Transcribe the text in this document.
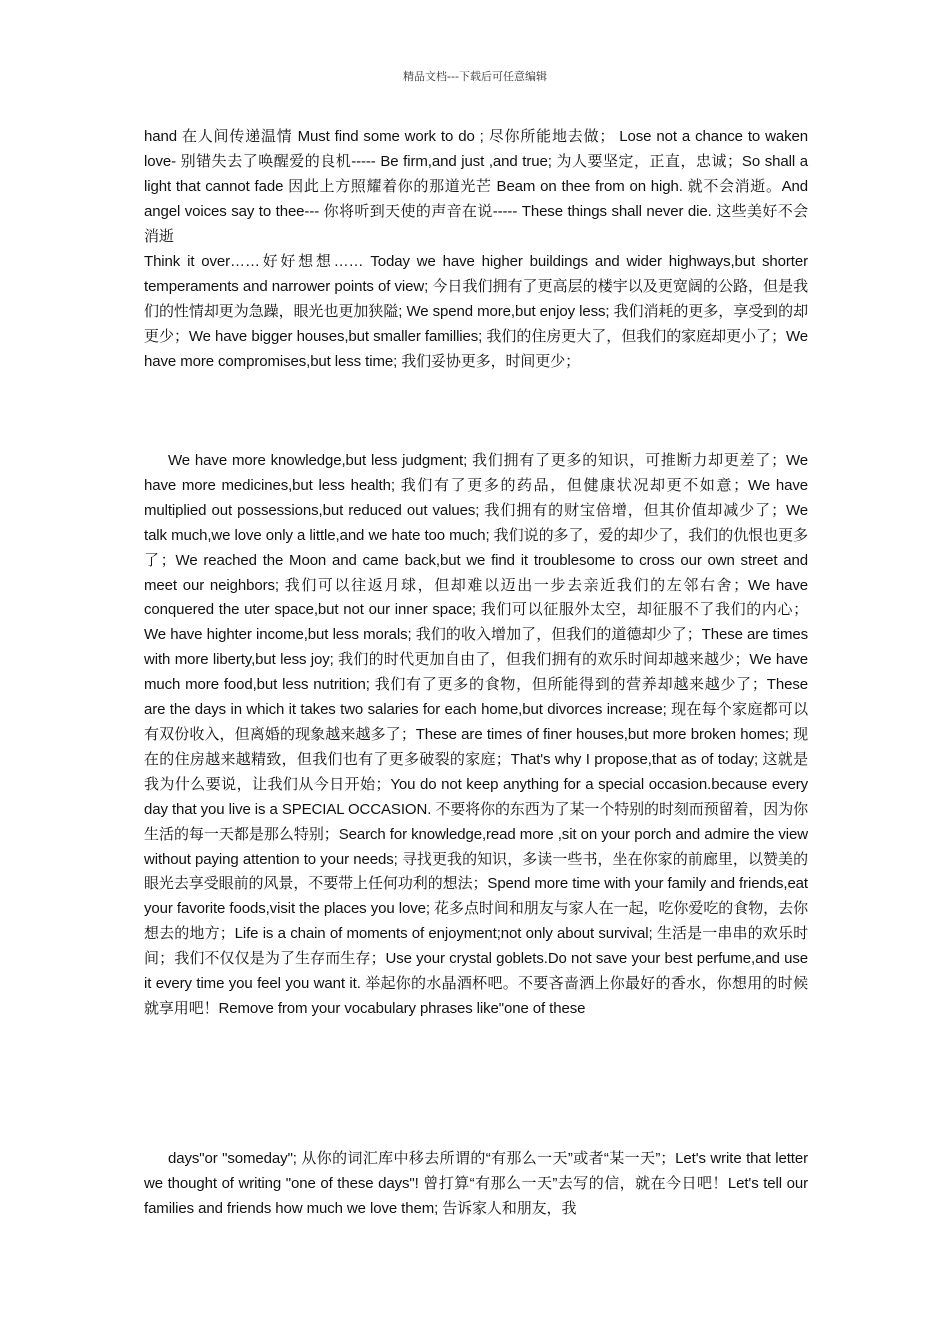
精品文档---下载后可任意编辑

hand 在人间传递温情 Must find some work to do ; 尽你所能地去做； Lose not a chance to waken love- 别错失去了唤醒爱的良机----- Be firm,and just ,and true; 为人要坚定，正直，忠诚；So shall a light that cannot fade 因此上方照耀着你的那道光芒 Beam on thee from on high. 就不会消逝。And angel voices say to thee--- 你将听到天使的声音在说----- These things shall never die. 这些美好不会消逝

Think it over……好好想想…… Today we have higher buildings and wider highways,but shorter temperaments and narrower points of view; 今日我们拥有了更高层的楼宇以及更宽阔的公路，但是我们的性情却更为急躁，眼光也更加狭隘; We spend more,but enjoy less; 我们消耗的更多，享受到的却更少；We have bigger houses,but smaller famillies; 我们的住房更大了，但我们的家庭却更小了；We have more compromises,but less time; 我们妥协更多，时间更少；

We have more knowledge,but less judgment; 我们拥有了更多的知识，可推断力却更差了；We have more medicines,but less health; 我们有了更多的药品，但健康状况却更不如意；We have multiplied out possessions,but reduced out values; 我们拥有的财宝倍增，但其价值却减少了；We talk much,we love only a little,and we hate too much; 我们说的多了，爱的却少了，我们的仇恨也更多了；We reached the Moon and came back,but we find it troublesome to cross our own street and meet our neighbors; 我们可以往返月球，但却难以迈出一步去亲近我们的左邻右舍；We have conquered the uter space,but not our inner space; 我们可以征服外太空，却征服不了我们的内心；We have highter income,but less morals; 我们的收入增加了，但我们的道德却少了；These are times with more liberty,but less joy; 我们的时代更加自由了，但我们拥有的欢乐时间却越来越少；We have much more food,but less nutrition; 我们有了更多的食物，但所能得到的营养却越来越少了；These are the days in which it takes two salaries for each home,but divorces increase; 现在每个家庭都可以有双份收入，但离婚的现象越来越多了；These are times of finer houses,but more broken homes; 现在的住房越来越精致，但我们也有了更多破裂的家庭；That's why I propose,that as of today; 这就是我为什么要说，让我们从今日开始；You do not keep anything for a special occasion.because every day that you live is a SPECIAL OCCASION. 不要将你的东西为了某一个特别的时刻而预留着，因为你生活的每一天都是那么特别；Search for knowledge,read more ,sit on your porch and admire the view without paying attention to your needs; 寻找更我的知识，多读一些书，坐在你家的前廊里，以赞美的眼光去享受眼前的风景，不要带上任何功利的想法；Spend more time with your family and friends,eat your favorite foods,visit the places you love; 花多点时间和朋友与家人在一起，吃你爱吃的食物，去你想去的地方；Life is a chain of moments of enjoyment;not only about survival; 生活是一串串的欢乐时间；我们不仅仅是为了生存而生存；Use your crystal goblets.Do not save your best perfume,and use it every time you feel you want it. 举起你的水晶酒杯吧。不要吝啬洒上你最好的香水，你想用的时候就享用吧！Remove from your vocabulary phrases like"one of these

days"or "someday"; 从你的词汇库中移去所谓的“有那么一天”或者“某一天”；Let's write that letter we thought of writing "one of these days"! 曾打算“有那么一天”去写的信，就在今日吧！Let's tell our families and friends how much we love them; 告诉家人和朋友，我
